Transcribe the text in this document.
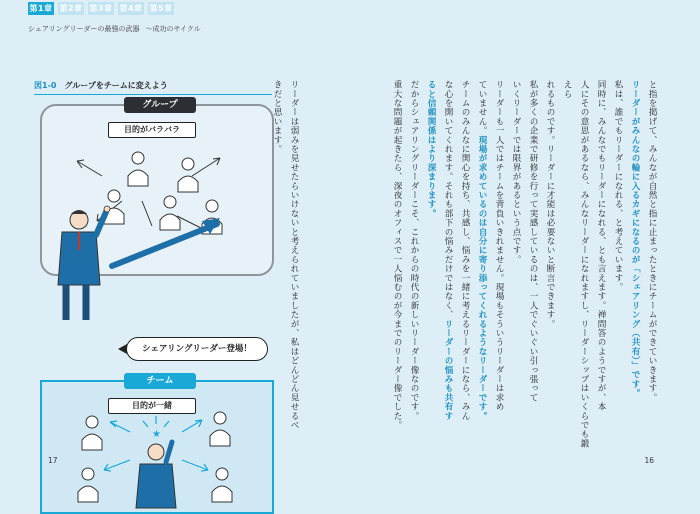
第1章 第2章 第3章 第4章 第5章
シェアリングリーダーの最強の武器 〜成功のサイクル
図1-0 グループをチームに変えよう
グループ
目的がバラバラ
シェアリングリーダー登場！
チーム
目的が一緒
★

リーダーは弱みを見せたらいけないと考えられていましたが、私はどんどん見せるべ

きだと思います。	と指を掲げて、みんなが自然と指に止まったときにチームができていきます。

リーダーがみんなの輪に入るカギになるのが「シェアリング（共有）」です。

私は、誰でもリーダーになれる、と考えています。

同時に、みんなでもリーダーになれる、とも言えます。禅問答のようですが、本

人にその意思があるなら、みんなリーダーになれますし、リーダーシップはいくらでも鍛えら

れるものです。リーダーに才能は必要ないと断言できます。

私が多くの企業で研修を行って実感しているのは、一人でぐいぐい引っ張って

いくリーダーでは限界があるという点です。

リーダーも一人ではチームを背負いきれません。現場もそういうリーダーは求め

ていません。現場が求めているのは自分に寄り添ってくれるようなリーダーです。

チームのみんなに関心を持ち、共感し、悩みを一緒に考えるリーダーになら、みん

な心を開いてくれます。それも部下の悩みだけではなく、リーダーの悩みも共有す

ると信頼関係はより深まります。

だからシェアリングリーダーこそ、これからの時代の新しいリーダー像なのです。

重大な問題が起きたら、深夜のオフィスで一人悩むのが今までのリーダー像でした。

17	16
